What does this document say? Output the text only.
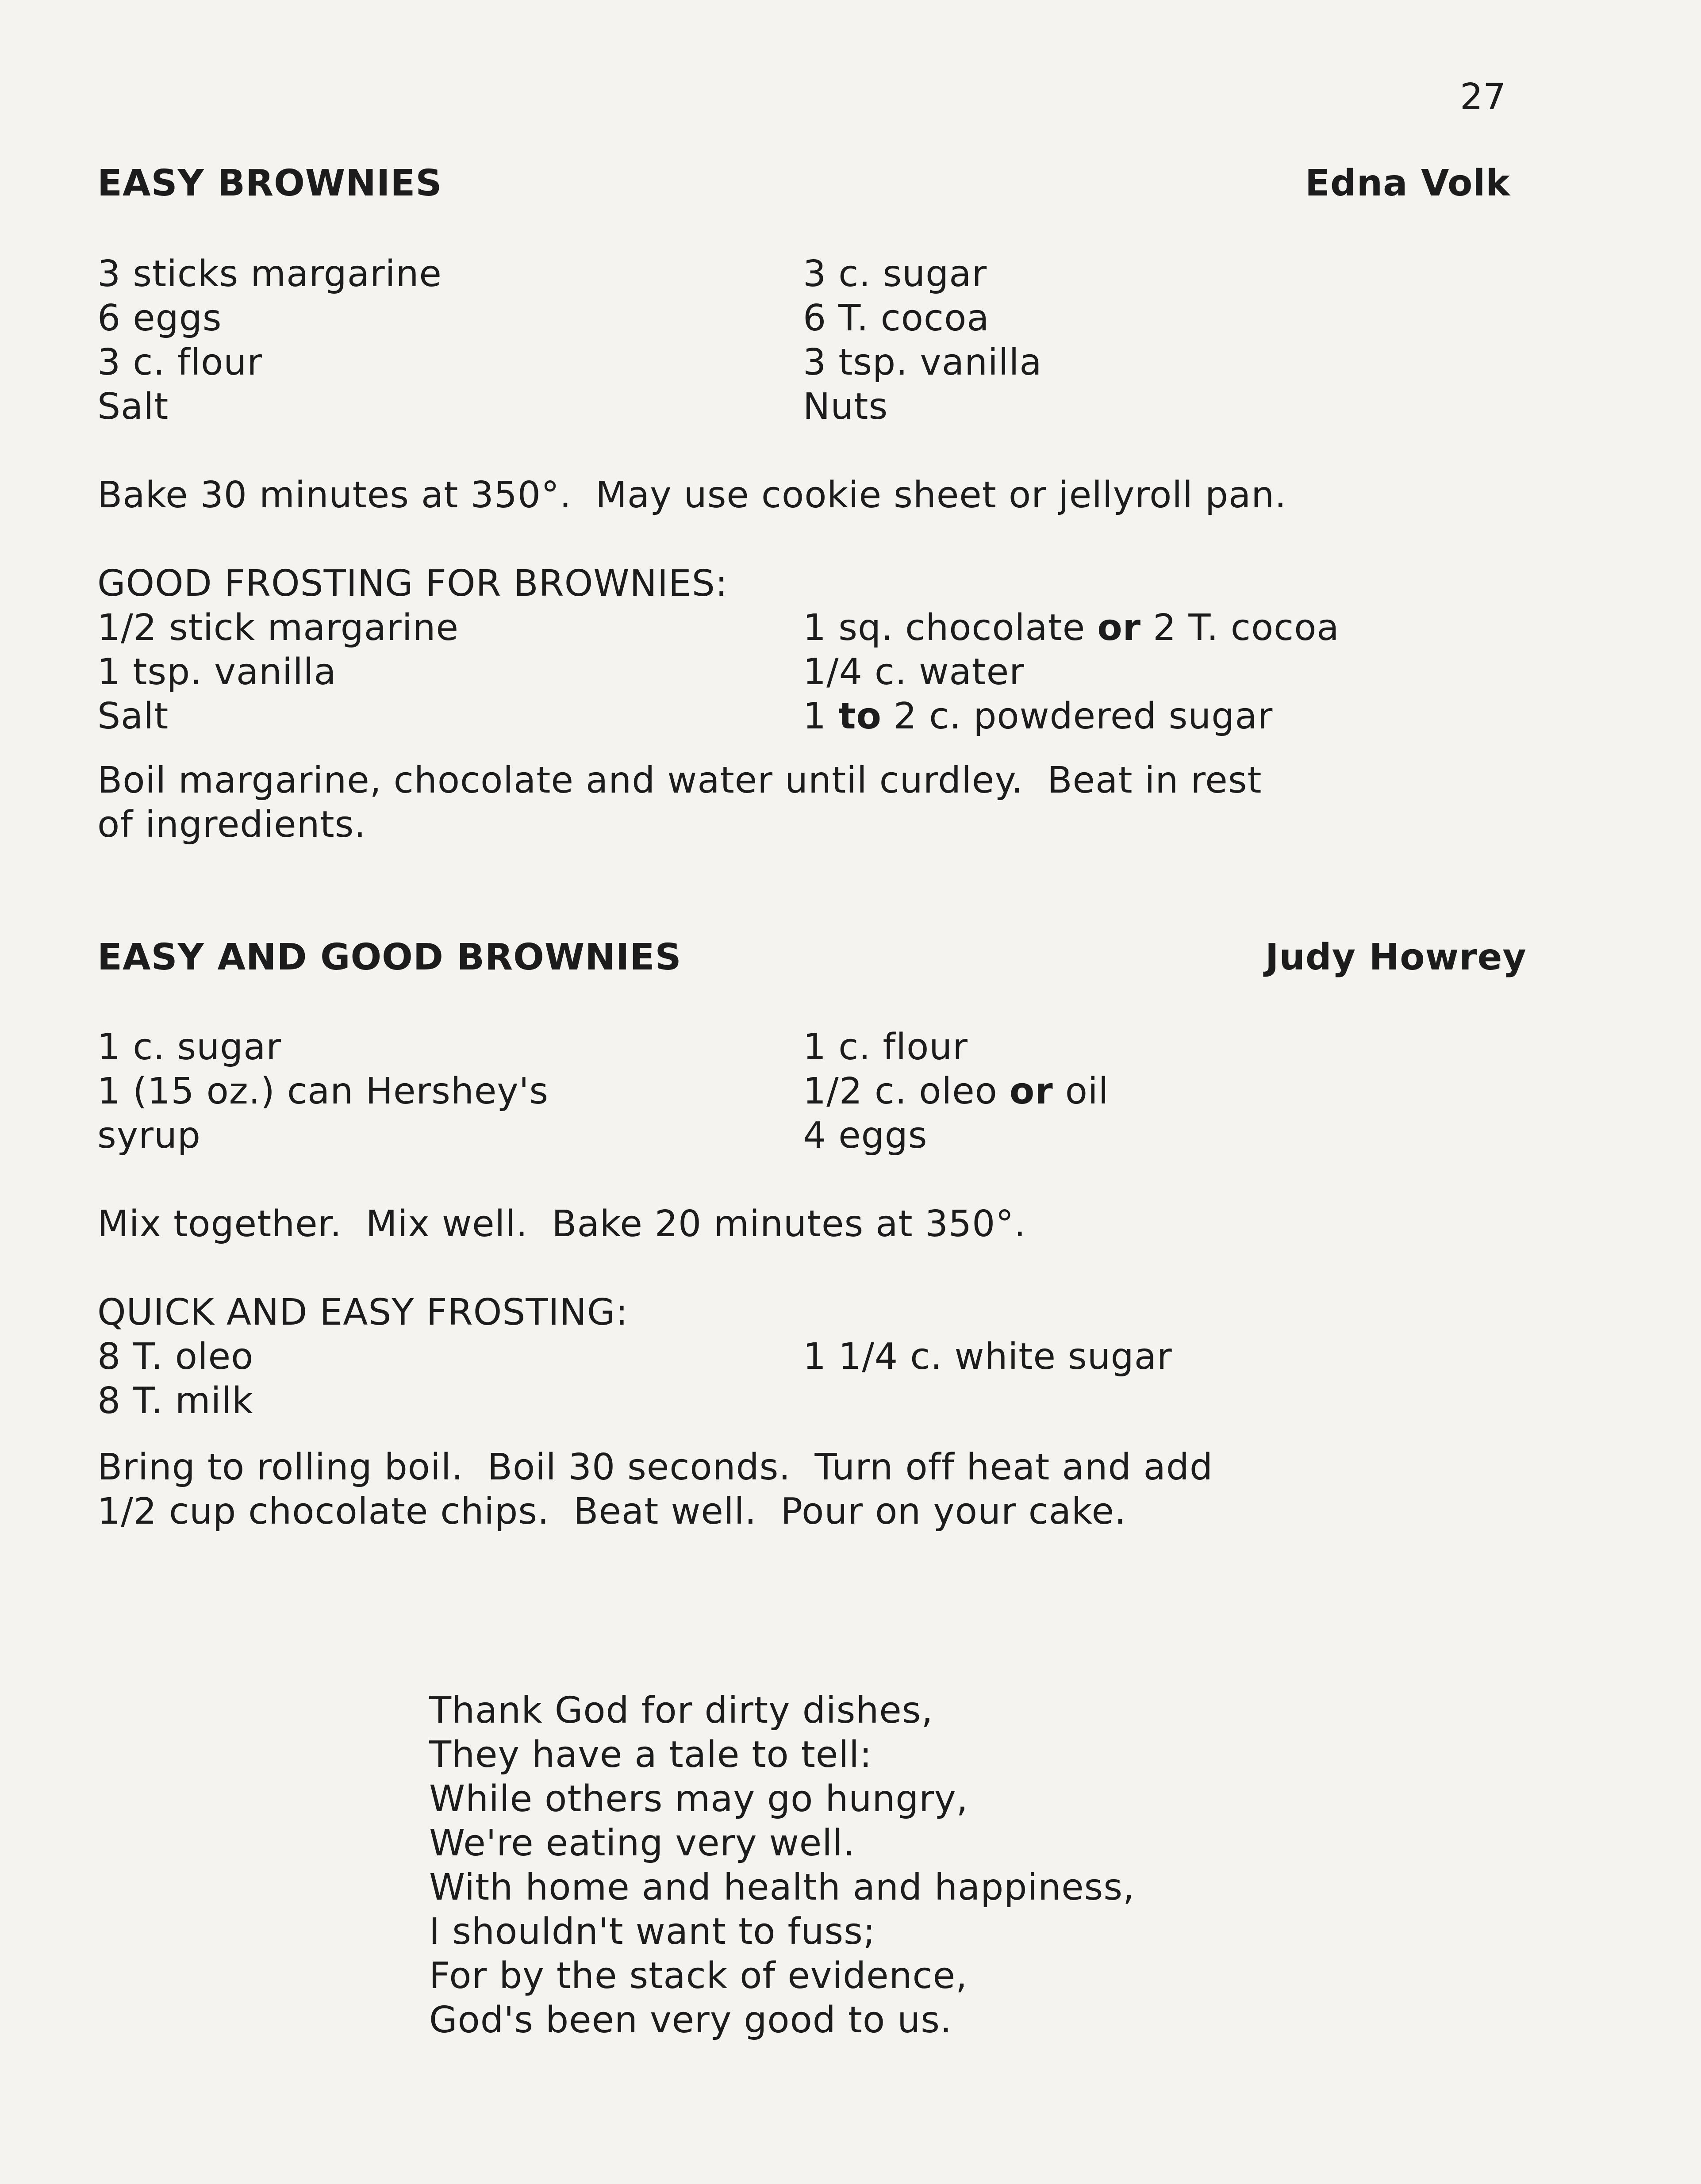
27
EASY BROWNIES	Edna Volk
3 sticks margarine
6 eggs
3 c. flour
Salt
3 c. sugar
6 T. cocoa
3 tsp. vanilla
Nuts
Bake 30 minutes at 350°.  May use cookie sheet or jellyroll pan.
GOOD FROSTING FOR BROWNIES:
1/2 stick margarine
1 tsp. vanilla
Salt
1 sq. chocolate or 2 T. cocoa
1/4 c. water
1 to 2 c. powdered sugar
Boil margarine, chocolate and water until curdley.  Beat in rest
of ingredients.
EASY AND GOOD BROWNIES	Judy Howrey
1 c. sugar
1 (15 oz.) can Hershey's
syrup
1 c. flour
1/2 c. oleo or oil
4 eggs
Mix together.  Mix well.  Bake 20 minutes at 350°.
QUICK AND EASY FROSTING:
8 T. oleo
8 T. milk
1 1/4 c. white sugar
Bring to rolling boil.  Boil 30 seconds.  Turn off heat and add
1/2 cup chocolate chips.  Beat well.  Pour on your cake.
Thank God for dirty dishes,
They have a tale to tell:
While others may go hungry,
We're eating very well.
With home and health and happiness,
I shouldn't want to fuss;
For by the stack of evidence,
God's been very good to us.
